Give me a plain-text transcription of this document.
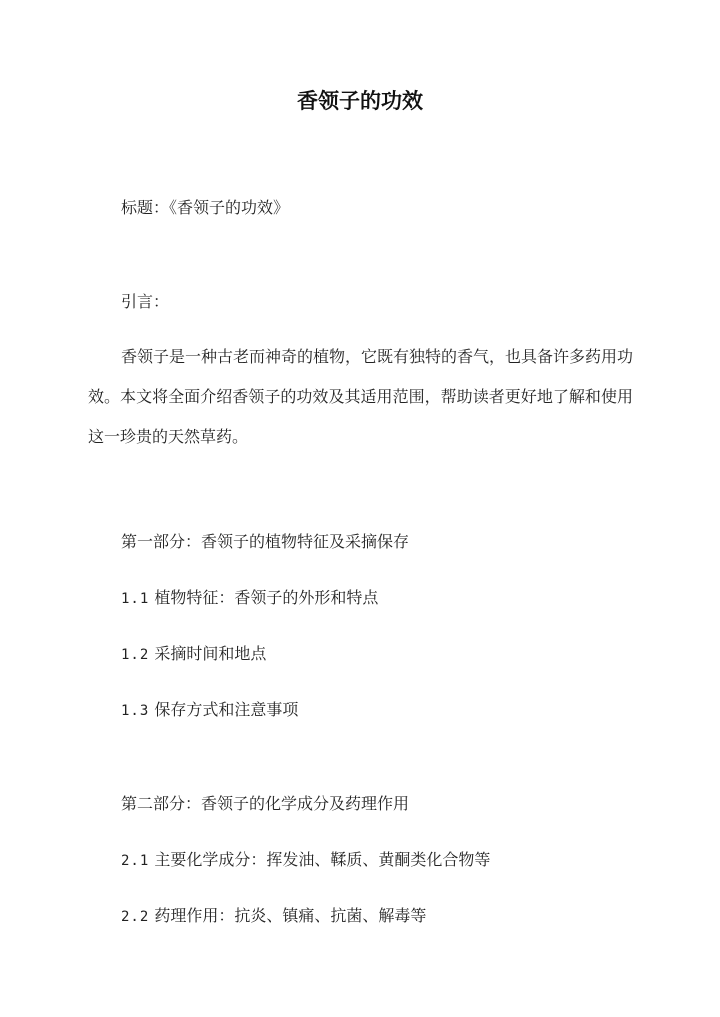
香领子的功效
标题：《香领子的功效》
引言：
香领子是一种古老而神奇的植物，它既有独特的香气，也具备许多药用功效。本文将全面介绍香领子的功效及其适用范围，帮助读者更好地了解和使用这一珍贵的天然草药。
第一部分：香领子的植物特征及采摘保存
1.1 植物特征：香领子的外形和特点
1.2 采摘时间和地点
1.3 保存方式和注意事项
第二部分：香领子的化学成分及药理作用
2.1 主要化学成分：挥发油、鞣质、黄酮类化合物等
2.2 药理作用：抗炎、镇痛、抗菌、解毒等
